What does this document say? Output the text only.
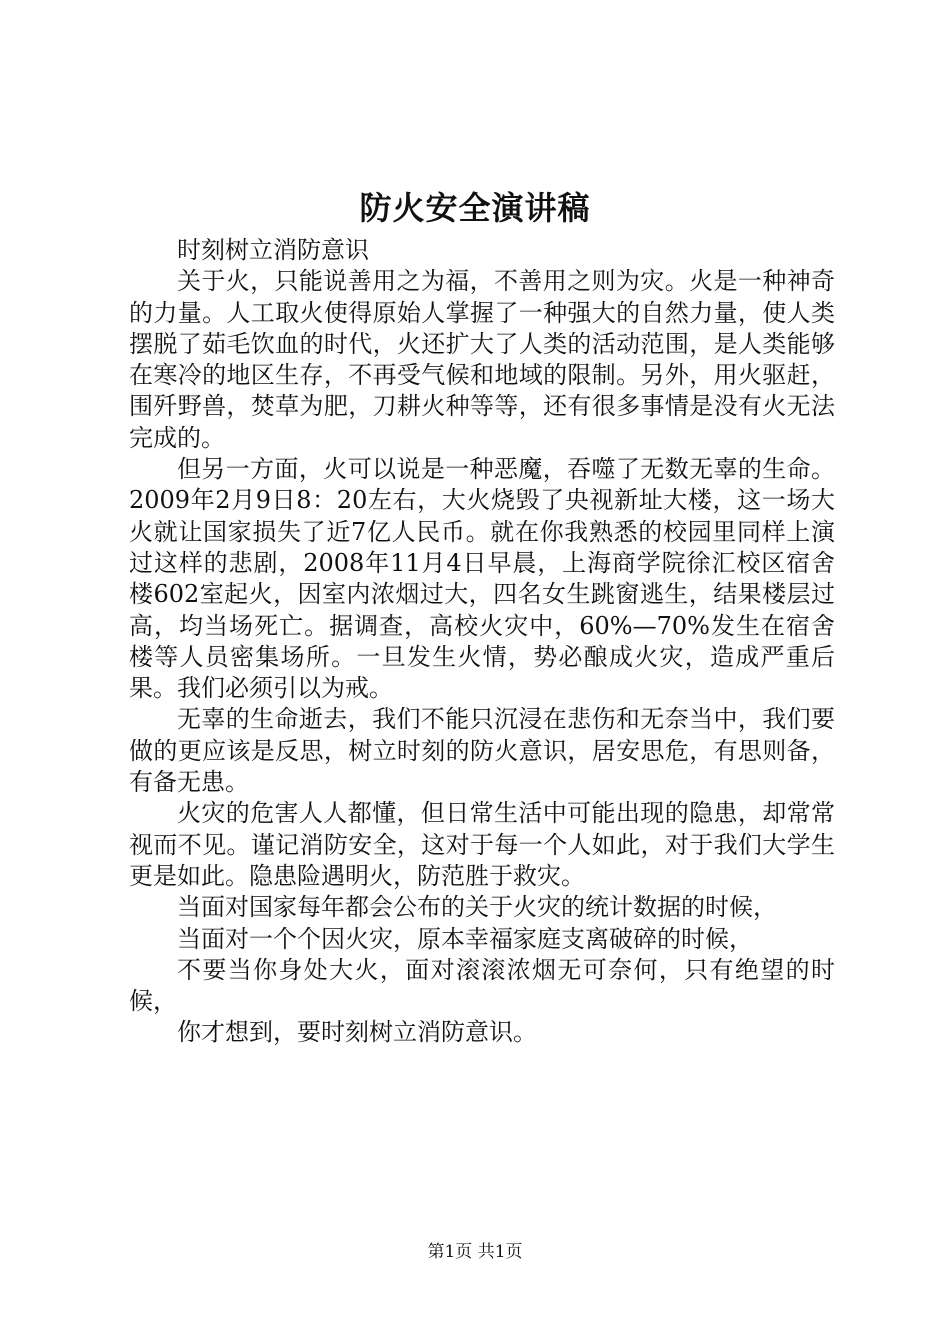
防火安全演讲稿

时刻树立消防意识

关于火，只能说善用之为福，不善用之则为灾。火是一种神奇的力量。人工取火使得原始人掌握了一种强大的自然力量，使人类摆脱了茹毛饮血的时代，火还扩大了人类的活动范围，是人类能够在寒冷的地区生存，不再受气候和地域的限制。另外，用火驱赶，围歼野兽，焚草为肥，刀耕火种等等，还有很多事情是没有火无法完成的。

但另一方面，火可以说是一种恶魔，吞噬了无数无辜的生命。2009年2月9日8：20左右，大火烧毁了央视新址大楼，这一场大火就让国家损失了近7亿人民币。就在你我熟悉的校园里同样上演过这样的悲剧，2008年11月4日早晨，上海商学院徐汇校区宿舍楼602室起火，因室内浓烟过大，四名女生跳窗逃生，结果楼层过高，均当场死亡。据调查，高校火灾中，60%—70%发生在宿舍楼等人员密集场所。一旦发生火情，势必酿成火灾，造成严重后果。我们必须引以为戒。

无辜的生命逝去，我们不能只沉浸在悲伤和无奈当中，我们要做的更应该是反思，树立时刻的防火意识，居安思危，有思则备，有备无患。

火灾的危害人人都懂，但日常生活中可能出现的隐患，却常常视而不见。谨记消防安全，这对于每一个人如此，对于我们大学生更是如此。隐患险遇明火，防范胜于救灾。

当面对国家每年都会公布的关于火灾的统计数据的时候，

当面对一个个因火灾，原本幸福家庭支离破碎的时候，

不要当你身处大火，面对滚滚浓烟无可奈何，只有绝望的时候，

你才想到，要时刻树立消防意识。

第1页 共1页
